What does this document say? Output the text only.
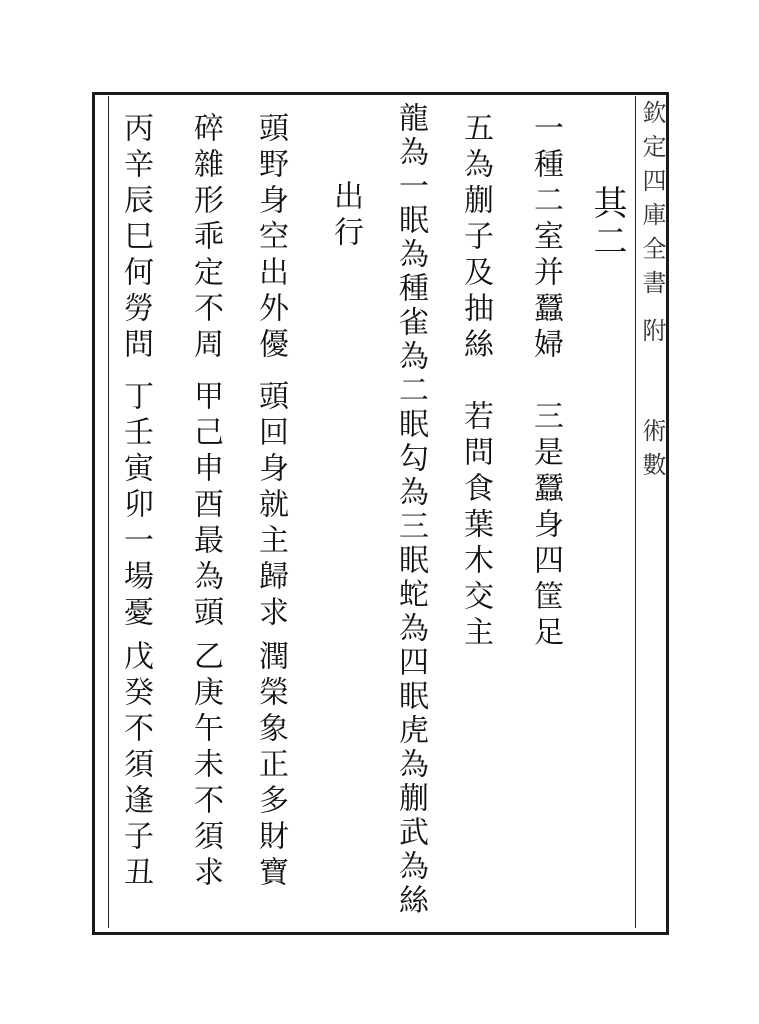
欽定四庫全書
附
術數
其二
一種二室并蠶婦
三是蠶身四筐足
五為蒯子及抽絲
若問食葉木交主
龍為一眠為種雀為二眠勾為三眠蛇為四眠虎為蒯武為絲
出行
頭野身空出外優
頭回身就主歸求
潤榮象正多財寶
碎雜形乖定不周
甲己申酉最為頭
乙庚午未不須求
丙辛辰巳何勞問
丁壬寅卯一場憂
戊癸不須逢子丑
